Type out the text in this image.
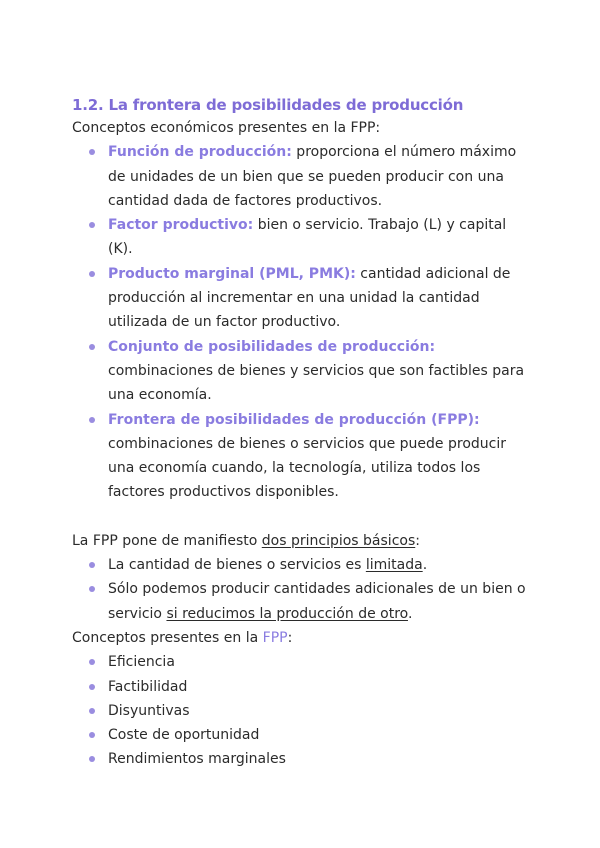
1.2. La frontera de posibilidades de producción

Conceptos económicos presentes en la FPP:

Función de producción: proporciona el número máximo de unidades de un bien que se pueden producir con una cantidad dada de factores productivos.
Factor productivo: bien o servicio. Trabajo (L) y capital (K).
Producto marginal (PML, PMK): cantidad adicional de producción al incrementar en una unidad la cantidad utilizada de un factor productivo.
Conjunto de posibilidades de producción:
combinaciones de bienes y servicios que son factibles para una economía.
Frontera de posibilidades de producción (FPP):
combinaciones de bienes o servicios que puede producir una economía cuando, la tecnología, utiliza todos los factores productivos disponibles.

La FPP pone de manifiesto dos principios básicos:

La cantidad de bienes o servicios es limitada.
Sólo podemos producir cantidades adicionales de un bien o servicio si reducimos la producción de otro.

Conceptos presentes en la FPP:

Eficiencia
Factibilidad
Disyuntivas
Coste de oportunidad
Rendimientos marginales
